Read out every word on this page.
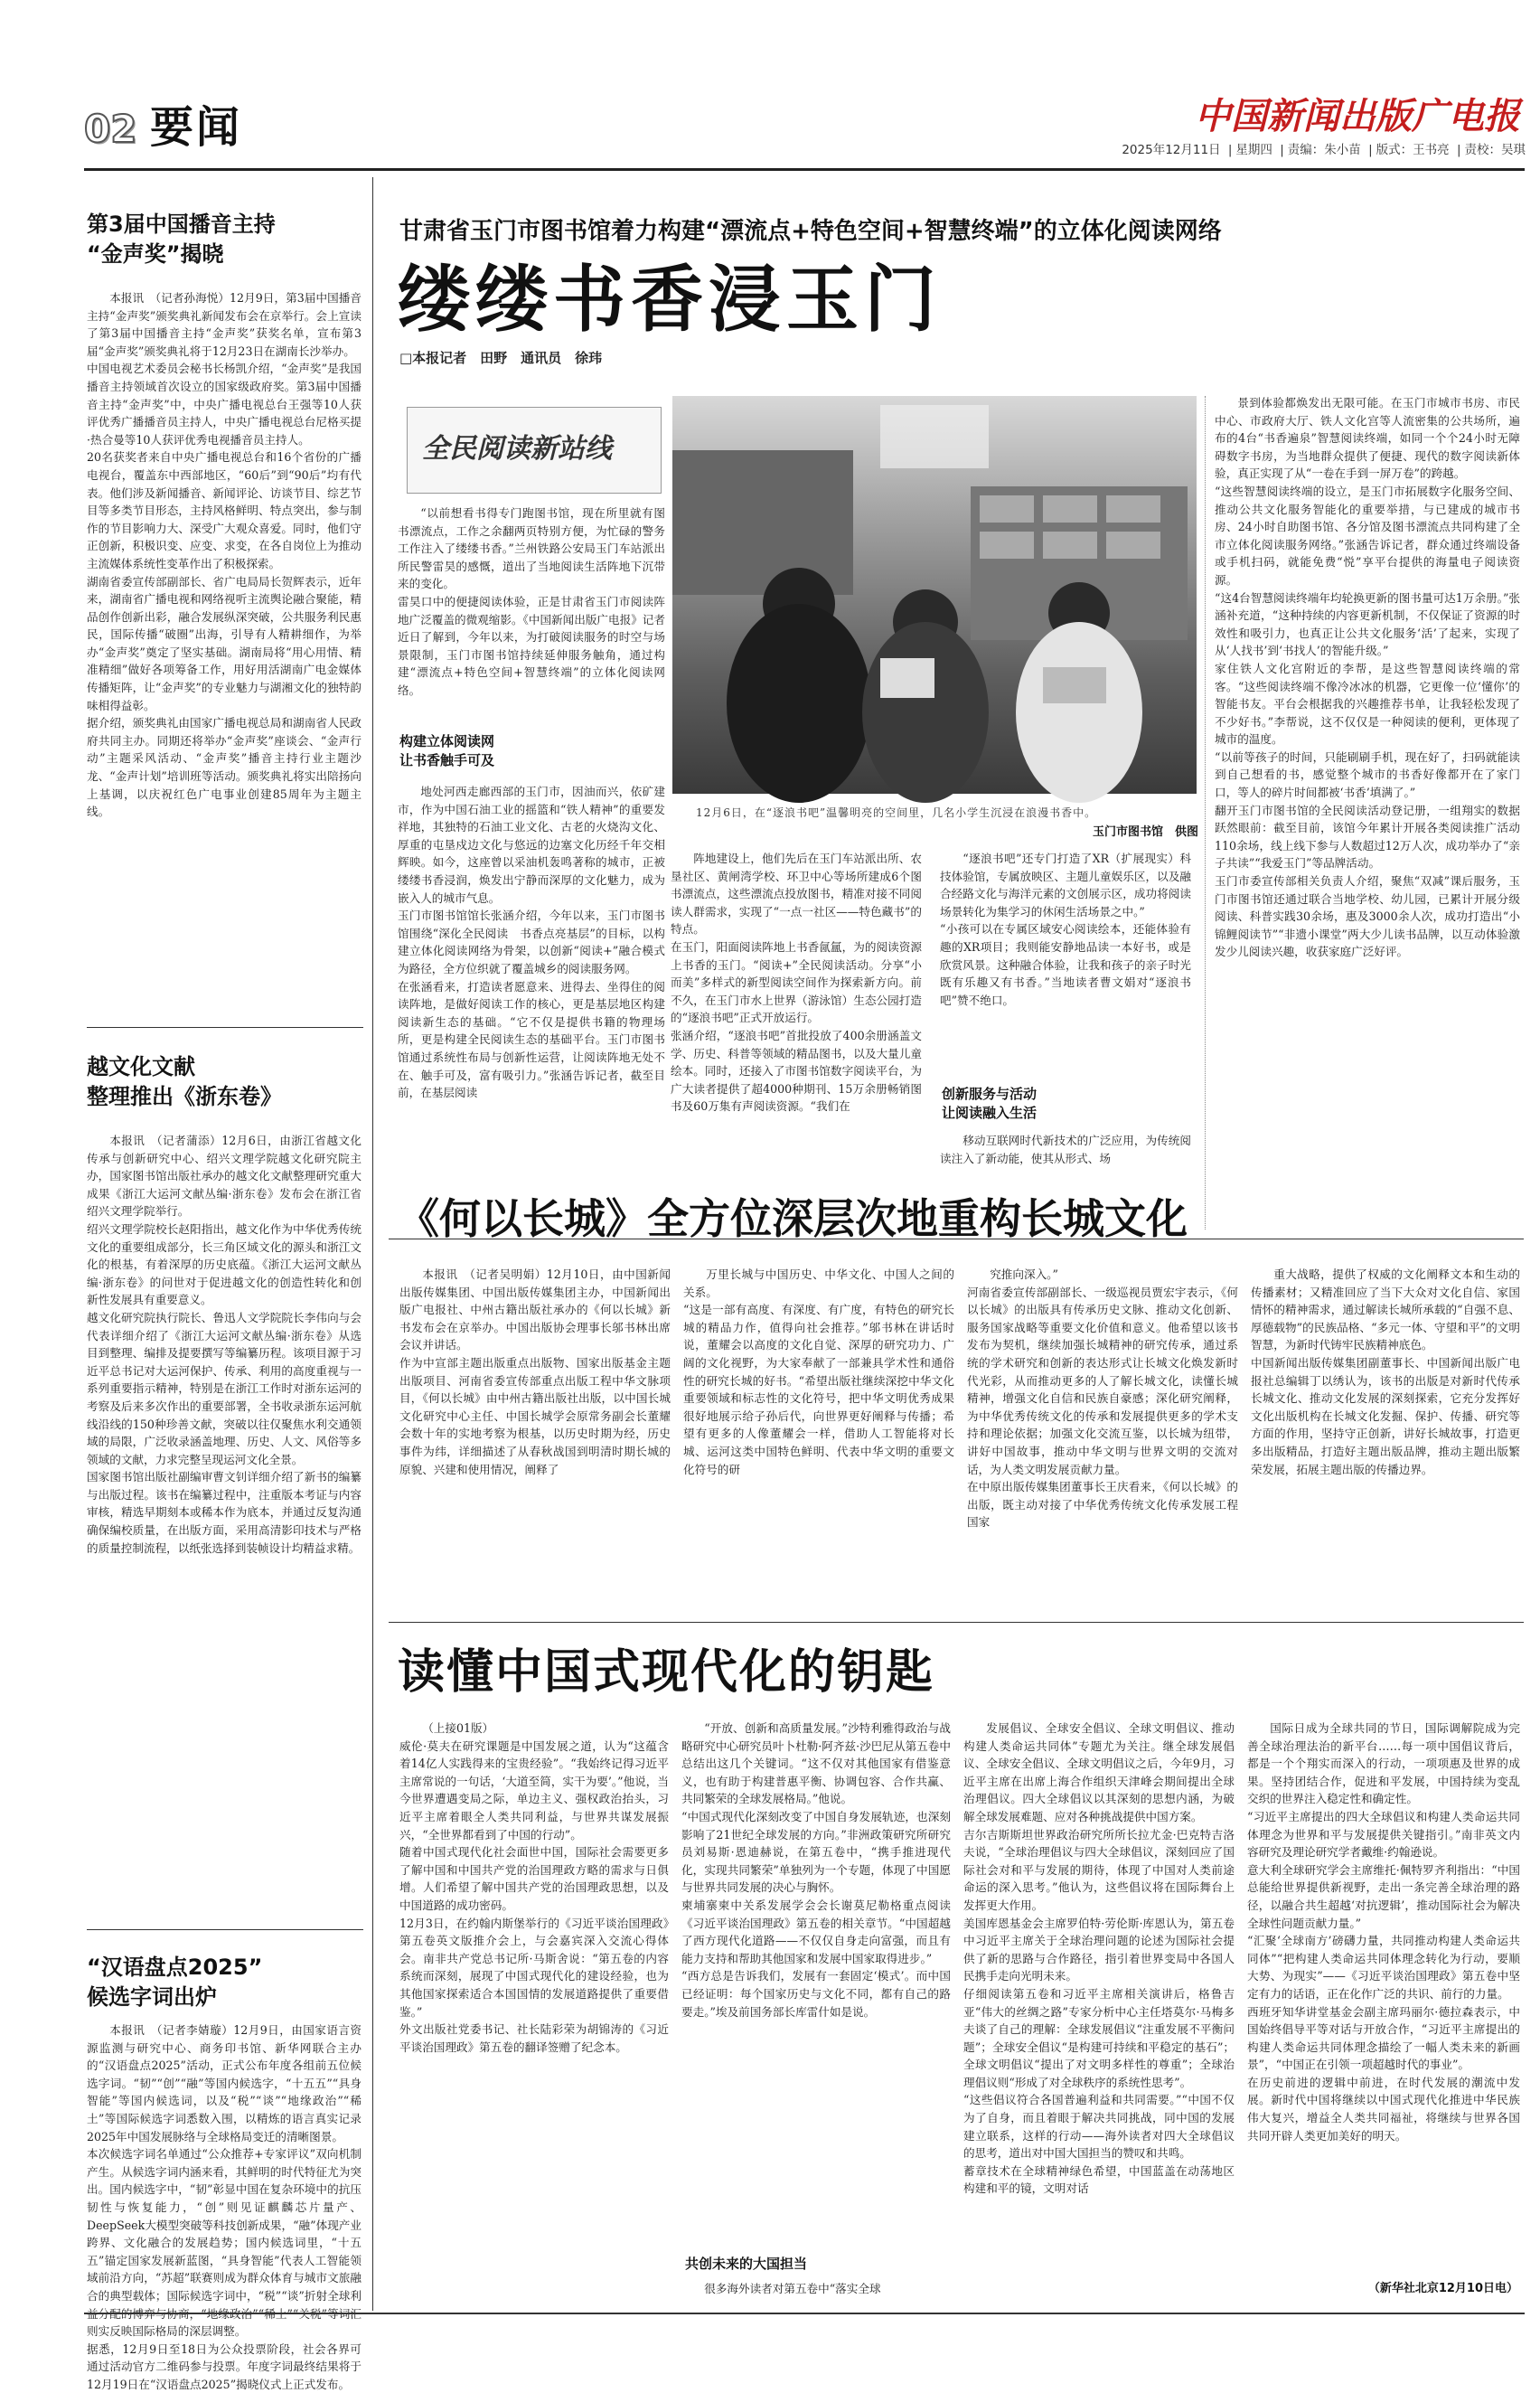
02 要闻	中国新闻出版广电报
2025年12月11日 | 星期四 | 责编：朱小苗 | 版式：王书亮 | 责校：吴琪
第3届中国播音主持
“金声奖”揭晓
本报讯　（记者孙海悦）12月9日，第3届中国播音主持“金声奖”颁奖典礼新闻发布会在京举行。会上宣读了第3届中国播音主持“金声奖”获奖名单，宣布第3届“金声奖”颁奖典礼将于12月23日在湖南长沙举办。
中国电视艺术委员会秘书长杨凯介绍，“金声奖”是我国播音主持领域首次设立的国家级政府奖。第3届中国播音主持“金声奖”中，中央广播电视总台王强等10人获评优秀广播播音员主持人，中央广播电视总台尼格买提·热合曼等10人获评优秀电视播音员主持人。
20名获奖者来自中央广播电视总台和16个省份的广播电视台，覆盖东中西部地区，“60后”到“90后”均有代表。他们涉及新闻播音、新闻评论、访谈节目、综艺节目等多类节目形态，主持风格鲜明、特点突出，参与制作的节目影响力大、深受广大观众喜爱。同时，他们守正创新，积极识变、应变、求变，在各自岗位上为推动主流媒体系统性变革作出了积极探索。
湖南省委宣传部副部长、省广电局局长贺辉表示，近年来，湖南省广播电视和网络视听主流舆论融合聚能，精品创作创新出彩，融合发展纵深突破，公共服务利民惠民，国际传播“破圈”出海，引导有人精耕细作，为举办“金声奖”奠定了坚实基础。湖南局将“用心用情、精准精细”做好各项筹备工作，用好用活湖南广电金媒体传播矩阵，让“金声奖”的专业魅力与湖湘文化的独特韵味相得益彰。
据介绍，颁奖典礼由国家广播电视总局和湖南省人民政府共同主办。同期还将举办“金声奖”座谈会、“金声行动”主题采风活动、“金声奖”播音主持行业主题沙龙、“金声计划”培训班等活动。颁奖典礼将实出陪扬向上基调，以庆祝红色广电事业创建85周年为主题主线。
越文化文献
整理推出《浙东卷》
本报讯　（记者蒲添）12月6日，由浙江省越文化传承与创新研究中心、绍兴文理学院越文化研究院主办，国家图书馆出版社承办的越文化文献整理研究重大成果《浙江大运河文献丛编·浙东卷》发布会在浙江省绍兴文理学院举行。
绍兴文理学院校长赵阳指出，越文化作为中华优秀传统文化的重要组成部分，长三角区域文化的源头和浙江文化的根基，有着深厚的历史底蕴。《浙江大运河文献丛编·浙东卷》的问世对于促进越文化的创造性转化和创新性发展具有重要意义。
越文化研究院执行院长、鲁迅人文学院院长李伟向与会代表详细介绍了《浙江大运河文献丛编·浙东卷》从选目到整理、编排及提要撰写等编纂历程。该项目源于习近平总书记对大运河保护、传承、利用的高度重视与一系列重要指示精神，特别是在浙江工作时对浙东运河的考察及后来多次作出的重要部署，全书收录浙东运河航线沿线的150种珍善文献，突破以往仅聚焦水利交通领域的局限，广泛收录涵盖地理、历史、人文、风俗等多领域的文献，力求完整呈现运河文化全景。
国家图书馆出版社副编审曹文钊详细介绍了新书的编纂与出版过程。该书在编纂过程中，注重版本考证与内容审核，精选早期刻本或稀本作为底本，并通过反复沟通确保编校质量，在出版方面，采用高清影印技术与严格的质量控制流程，以纸张选择到装帧设计均精益求精。
“汉语盘点2025”
候选字词出炉
本报讯　（记者李婧璇）12月9日，由国家语言资源监测与研究中心、商务印书馆、新华网联合主办的“汉语盘点2025”活动，正式公布年度各组前五位候选字词。“韧”“创”“融”等国内候选字，“十五五”“具身智能”等国内候选词，以及“税”“谈”“地缘政治”“稀土”等国际候选字词悉数入围，以精炼的语言真实记录2025年中国发展脉络与全球格局变迁的清晰图景。
本次候选字词名单通过“公众推荐+专家评议”双向机制产生。从候选字词内涵来看，其鲜明的时代特征尤为突出。国内候选字中，“韧”彰显中国在复杂环境中的抗压韧性与恢复能力，“创”则见证麒麟芯片量产、DeepSeek大模型突破等科技创新成果，“融”体现产业跨界、文化融合的发展趋势；国内候选词里，“十五五”锚定国家发展新蓝图，“具身智能”代表人工智能领域前沿方向，“苏超”联赛则成为群众体育与城市文旅融合的典型载体；国际候选字词中，“税”“谈”折射全球利益分配的博弈与协商，“地缘政治”“稀土”“关税”等词汇则实反映国际格局的深层调整。
据悉，12月9日至18日为公众投票阶段，社会各界可通过活动官方二维码参与投票。年度字词最终结果将于12月19日在“汉语盘点2025”揭晓仪式上正式发布。
甘肃省玉门市图书馆着力构建“漂流点+特色空间+智慧终端”的立体化阅读网络
缕缕书香浸玉门
□本报记者　田野　通讯员　徐玮
全民阅读新站线
“以前想看书得专门跑图书馆，现在所里就有图书漂流点，工作之余翻两页特别方便，为忙碌的警务工作注入了缕缕书香。”兰州铁路公安局玉门车站派出所民警雷昊的感慨，道出了当地阅读生活阵地下沉带来的变化。
雷昊口中的便捷阅读体验，正是甘肃省玉门市阅读阵地广泛覆盖的微观缩影。《中国新闻出版广电报》记者近日了解到，今年以来，为打破阅读服务的时空与场景限制，玉门市图书馆持续延伸服务触角，通过构建“漂流点+特色空间+智慧终端”的立体化阅读网络。
构建立体阅读网
让书香触手可及
地处河西走廊西部的玉门市，因油而兴，依矿建市，作为中国石油工业的摇篮和“铁人精神”的重要发祥地，其独特的石油工业文化、古老的火烧沟文化、厚重的屯垦戍边文化与悠远的边塞文化历经千年交相辉映。如今，这座曾以采油机轰鸣著称的城市，正被缕缕书香浸润，焕发出宁静而深厚的文化魅力，成为嵌入人的城市气息。
玉门市图书馆馆长张涵介绍，今年以来，玉门市图书馆围绕“深化全民阅读　书香点亮基层”的目标，以构建立体化阅读网络为骨架，以创新“阅读+”融合模式为路径，全方位织就了覆盖城乡的阅读服务网。
在张涵看来，打造读者愿意来、进得去、坐得住的阅读阵地，是做好阅读工作的核心，更是基层地区构建阅读新生态的基础。“它不仅是提供书籍的物理场所，更是构建全民阅读生态的基础平台。玉门市图书馆通过系统性布局与创新性运营，让阅读阵地无处不在、触手可及，富有吸引力。”张涵告诉记者，截至目前，在基层阅读
12月6日，在“逐浪书吧”温馨明亮的空间里，几名小学生沉浸在浪漫书香中。
玉门市图书馆　供图
阵地建设上，他们先后在玉门车站派出所、农垦社区、黄闸湾学校、环卫中心等场所建成6个图书漂流点，这些漂流点投放图书，精准对接不同阅读人群需求，实现了“一点一社区——特色藏书”的特点。
在玉门，阳面阅读阵地上书香氤氲，为的阅读资源上书香的玉门。“阅读+”全民阅读活动。分享“小而美”多样式的新型阅读空间作为探索新方向。前不久，在玉门市水上世界（游泳馆）生态公园打造的“逐浪书吧”正式开放运行。
张涵介绍，“逐浪书吧”首批投放了400余册涵盖文学、历史、科普等领域的精品图书，以及大量儿童绘本。同时，还接入了市图书馆数字阅读平台，为广大读者提供了超4000种期刊、15万余册畅销图书及60万集有声阅读资源。“我们在
“逐浪书吧”还专门打造了XR（扩展现实）科技体验馆，专属放映区、主题儿童娱乐区，以及融合经路文化与海洋元素的文创展示区，成功将阅读场景转化为集学习的休闲生活场景之中。”
“小孩可以在专属区域安心阅读绘本，还能体验有趣的XR项目；我则能安静地品读一本好书，或是欣赏风景。这种融合体验，让我和孩子的亲子时光既有乐趣又有书香。”当地读者曹文娟对“逐浪书吧”赞不绝口。
创新服务与活动
让阅读融入生活
移动互联网时代新技术的广泛应用，为传统阅读注入了新动能，使其从形式、场
景到体验都焕发出无限可能。在玉门市城市书房、市民中心、市政府大厅、铁人文化宫等人流密集的公共场所，遍布的4台“书香遍泉”智慧阅读终端，如同一个个24小时无障碍数字书房，为当地群众提供了便捷、现代的数字阅读新体验，真正实现了从“一卷在手到一屏万卷”的跨越。
“这些智慧阅读终端的设立，是玉门市拓展数字化服务空间、推动公共文化服务智能化的重要举措，与已建成的城市书房、24小时自助图书馆、各分馆及图书漂流点共同构建了全市立体化阅读服务网络。”张涵告诉记者，群众通过终端设备或手机扫码，就能免费“悦”享平台提供的海量电子阅读资源。
“这4台智慧阅读终端年均轮换更新的图书量可达1万余册。”张涵补充道，“这种持续的内容更新机制，不仅保证了资源的时效性和吸引力，也真正让公共文化服务‘活’了起来，实现了从‘人找书’到‘书找人’的智能升级。”
家住铁人文化宫附近的李帮，是这些智慧阅读终端的常客。“这些阅读终端不像冷冰冰的机器，它更像一位‘懂你’的智能书友。平台会根据我的兴趣推荐书单，让我轻松发现了不少好书。”李帮说，这不仅仅是一种阅读的便利，更体现了城市的温度。
“以前等孩子的时间，只能刷刷手机，现在好了，扫码就能读到自己想看的书，感觉整个城市的书香好像都开在了家门口，等人的碎片时间都被‘书香’填满了。”
翻开玉门市图书馆的全民阅读活动登记册，一组翔实的数据跃然眼前：截至目前，该馆今年累计开展各类阅读推广活动110余场，线上线下参与人数超过12万人次，成功举办了“亲子共读”“我爱玉门”等品牌活动。
玉门市委宣传部相关负责人介绍，聚焦“双减”课后服务，玉门市图书馆还通过联合当地学校、幼儿园，已累计开展分级阅读、科普实践30余场，惠及3000余人次，成功打造出“小锦鲤阅读节”“非遗小课堂”两大少儿读书品牌，以互动体验激发少儿阅读兴趣，收获家庭广泛好评。
《何以长城》全方位深层次地重构长城文化
本报讯　（记者吴明娟）12月10日，由中国新闻出版传媒集团、中国出版传媒集团主办，中国新闻出版广电报社、中州古籍出版社承办的《何以长城》新书发布会在京举办。中国出版协会理事长邬书林出席会议并讲话。
作为中宣部主题出版重点出版物、国家出版基金主题出版项目、河南省委宣传部重点出版工程中华文脉项目，《何以长城》由中州古籍出版社出版，以中国长城文化研究中心主任、中国长城学会原常务副会长董耀会数十年的实地考察为根基，以历史时期为经，历史事件为纬，详细描述了从春秋战国到明清时期长城的原貌、兴建和使用情况，阐释了
万里长城与中国历史、中华文化、中国人之间的关系。
“这是一部有高度、有深度、有广度，有特色的研究长城的精品力作，值得向社会推荐。”邬书林在讲话时说，董耀会以高度的文化自觉、深厚的研究功力、广阔的文化视野，为大家奉献了一部兼具学术性和通俗性的研究长城的好书。“希望出版社继续深挖中华文化重要领域和标志性的文化符号，把中华文明优秀成果很好地展示给子孙后代，向世界更好阐释与传播；希望有更多的人像董耀会一样，借助人工智能将对长城、运河这类中国特色鲜明、代表中华文明的重要文化符号的研
究推向深入。”
河南省委宣传部副部长、一级巡视员贾宏宇表示，《何以长城》的出版具有传承历史文脉、推动文化创新、服务国家战略等重要文化价值和意义。他希望以该书发布为契机，继续加强长城精神的研究传承，通过系统的学术研究和创新的表达形式让长城文化焕发新时代光彩，从而推动更多的人了解长城文化，读懂长城精神，增强文化自信和民族自豪感；深化研究阐释，为中华优秀传统文化的传承和发展提供更多的学术支持和理论依据；加强文化交流互鉴，以长城为纽带，讲好中国故事，推动中华文明与世界文明的交流对话，为人类文明发展贡献力量。
在中原出版传媒集团董事长王庆看来，《何以长城》的出版，既主动对接了中华优秀传统文化传承发展工程国家
重大战略，提供了权威的文化阐释文本和生动的传播素材；又精准回应了当下大众对文化自信、家国情怀的精神需求，通过解读长城所承载的“自强不息、厚德载物”的民族品格、“多元一体、守望和平”的文明智慧，为新时代铸牢民族精神底色。
中国新闻出版传媒集团副董事长、中国新闻出版广电报社总编辑丁以绣认为，该书的出版是对新时代传承长城文化、推动文化发展的深刻探索，它充分发挥好文化出版机构在长城文化发掘、保护、传播、研究等方面的作用，坚持守正创新，讲好长城故事，打造更多出版精品，打造好主题出版品牌，推动主题出版繁荣发展，拓展主题出版的传播边界。
读懂中国式现代化的钥匙
（上接01版）
威伦·莫夫在研究课题是中国发展之道，认为“这蕴含着14亿人实践得来的宝贵经验”。“我始终记得习近平主席常说的一句话，‘大道至简，实干为要’。”他说，当今世界遭遇变局之际，单边主义、强权政治抬头，习近平主席着眼全人类共同利益，与世界共谋发展振兴，“全世界都看到了中国的行动”。
随着中国式现代化社会面世中国，国际社会需要更多了解中国和中国共产党的治国理政方略的需求与日俱增。人们希望了解中国共产党的治国理政思想，以及中国道路的成功密码。
12月3日，在约翰内斯堡举行的《习近平谈治国理政》第五卷英文版推介会上，与会嘉宾深入交流心得体会。南非共产党总书记所·马斯舍说：“第五卷的内容系统而深刻，展现了中国式现代化的建设经验，也为其他国家探索适合本国国情的发展道路提供了重要借鉴。”
外文出版社党委书记、社长陆彩荣为胡锦涛的《习近平谈治国理政》第五卷的翻译签赠了纪念本。
“开放、创新和高质量发展。”沙特利雅得政治与战略研究中心研究员叶卜杜勒·阿齐兹·沙巴尼从第五卷中总结出这几个关键词。“这不仅对其他国家有借鉴意义，也有助于构建普惠平衡、协调包容、合作共赢、共同繁荣的全球发展格局。”他说。
“中国式现代化深刻改变了中国自身发展轨迹，也深刻影响了21世纪全球发展的方向。”非洲政策研究所研究员刘易斯·恩迪赫说，在第五卷中，“携手推进现代化，实现共同繁荣”单独列为一个专题，体现了中国愿与世界共同发展的决心与胸怀。
柬埔寨柬中关系发展学会会长谢莫尼勒格重点阅读《习近平谈治国理政》第五卷的相关章节。“中国超越了西方现代化道路——不仅仅自身走向富强，而且有能力支持和帮助其他国家和发展中国家取得进步。”
“西方总是告诉我们，发展有一套固定‘模式’。而中国已经证明：每个国家历史与文化不同，都有自己的路要走。”埃及前国务部长库雷什如是说。
共创未来的大国担当
很多海外读者对第五卷中“落实全球
发展倡议、全球安全倡议、全球文明倡议、推动构建人类命运共同体”专题尤为关注。继全球发展倡议、全球安全倡议、全球文明倡议之后，今年9月，习近平主席在出席上海合作组织天津峰会期间提出全球治理倡议。四大全球倡议以其深刻的思想内涵，为破解全球发展难题、应对各种挑战提供中国方案。
吉尔吉斯斯坦世界政治研究所所长拉尤金·巴克特吉洛夫说，“全球治理倡议与四大全球倡议，深刻回应了国际社会对和平与发展的期待，体现了中国对人类前途命运的深入思考。”他认为，这些倡议将在国际舞台上发挥更大作用。
美国库恩基金会主席罗伯特·劳伦斯·库恩认为，第五卷中习近平主席关于全球治理问题的论述为国际社会提供了新的思路与合作路径，指引着世界变局中各国人民携手走向光明未来。
仔细阅读第五卷和习近平主席相关演讲后，格鲁吉亚“伟大的丝绸之路”专家分析中心主任塔莫尔·马梅多夫谈了自己的理解：全球发展倡议“注重发展不平衡问题”；全球安全倡议“是构建可持续和平稳定的基石”；全球文明倡议“提出了对文明多样性的尊重”；全球治理倡议则“形成了对全球秩序的系统性思考”。
“这些倡议符合各国普遍利益和共同需要。”“中国不仅为了自身，而且着眼于解决共同挑战，同中国的发展建立联系，这样的行动——海外读者对四大全球倡议的思考，道出对中国大国担当的赞叹和共鸣。
蓄章技术在全球精神绿色希望，中国蓝盖在动荡地区构建和平的镜，文明对话
国际日成为全球共同的节日，国际调解院成为完善全球治理法治的新平台……每一项中国倡议背后，都是一个个翔实而深入的行动，一项项惠及世界的成果。坚持团结合作，促进和平发展，中国持续为变乱交织的世界注入稳定性和确定性。
“习近平主席提出的四大全球倡议和构建人类命运共同体理念为世界和平与发展提供关键指引。”南非英文内容研究及理论研究学者戴维·约翰逊说。
意大利全球研究学会主席维托·佩特罗齐利指出：“中国总能给世界提供新视野，走出一条完善全球治理的路径，以融合共生超越‘对抗逻辑’，推动国际社会为解决全球性问题贡献力量。”
“汇聚‘全球南方’磅礴力量，共同推动构建人类命运共同体”“把构建人类命运共同体理念转化为行动，要顺大势、为现实”——《习近平谈治国理政》第五卷中坚定有力的话语，正在化作广泛的共识、前行的力量。
西班牙知华讲堂基金会副主席玛丽尔·德拉森表示，中国始终倡导平等对话与开放合作，“习近平主席提出的构建人类命运共同体理念描绘了一幅人类未来的新画景”，“中国正在引领一项超越时代的事业”。
在历史前进的逻辑中前进，在时代发展的潮流中发展。新时代中国将继续以中国式现代化推进中华民族伟大复兴，增益全人类共同福祉，将继续与世界各国共同开辟人类更加美好的明天。
（新华社北京12月10日电）
